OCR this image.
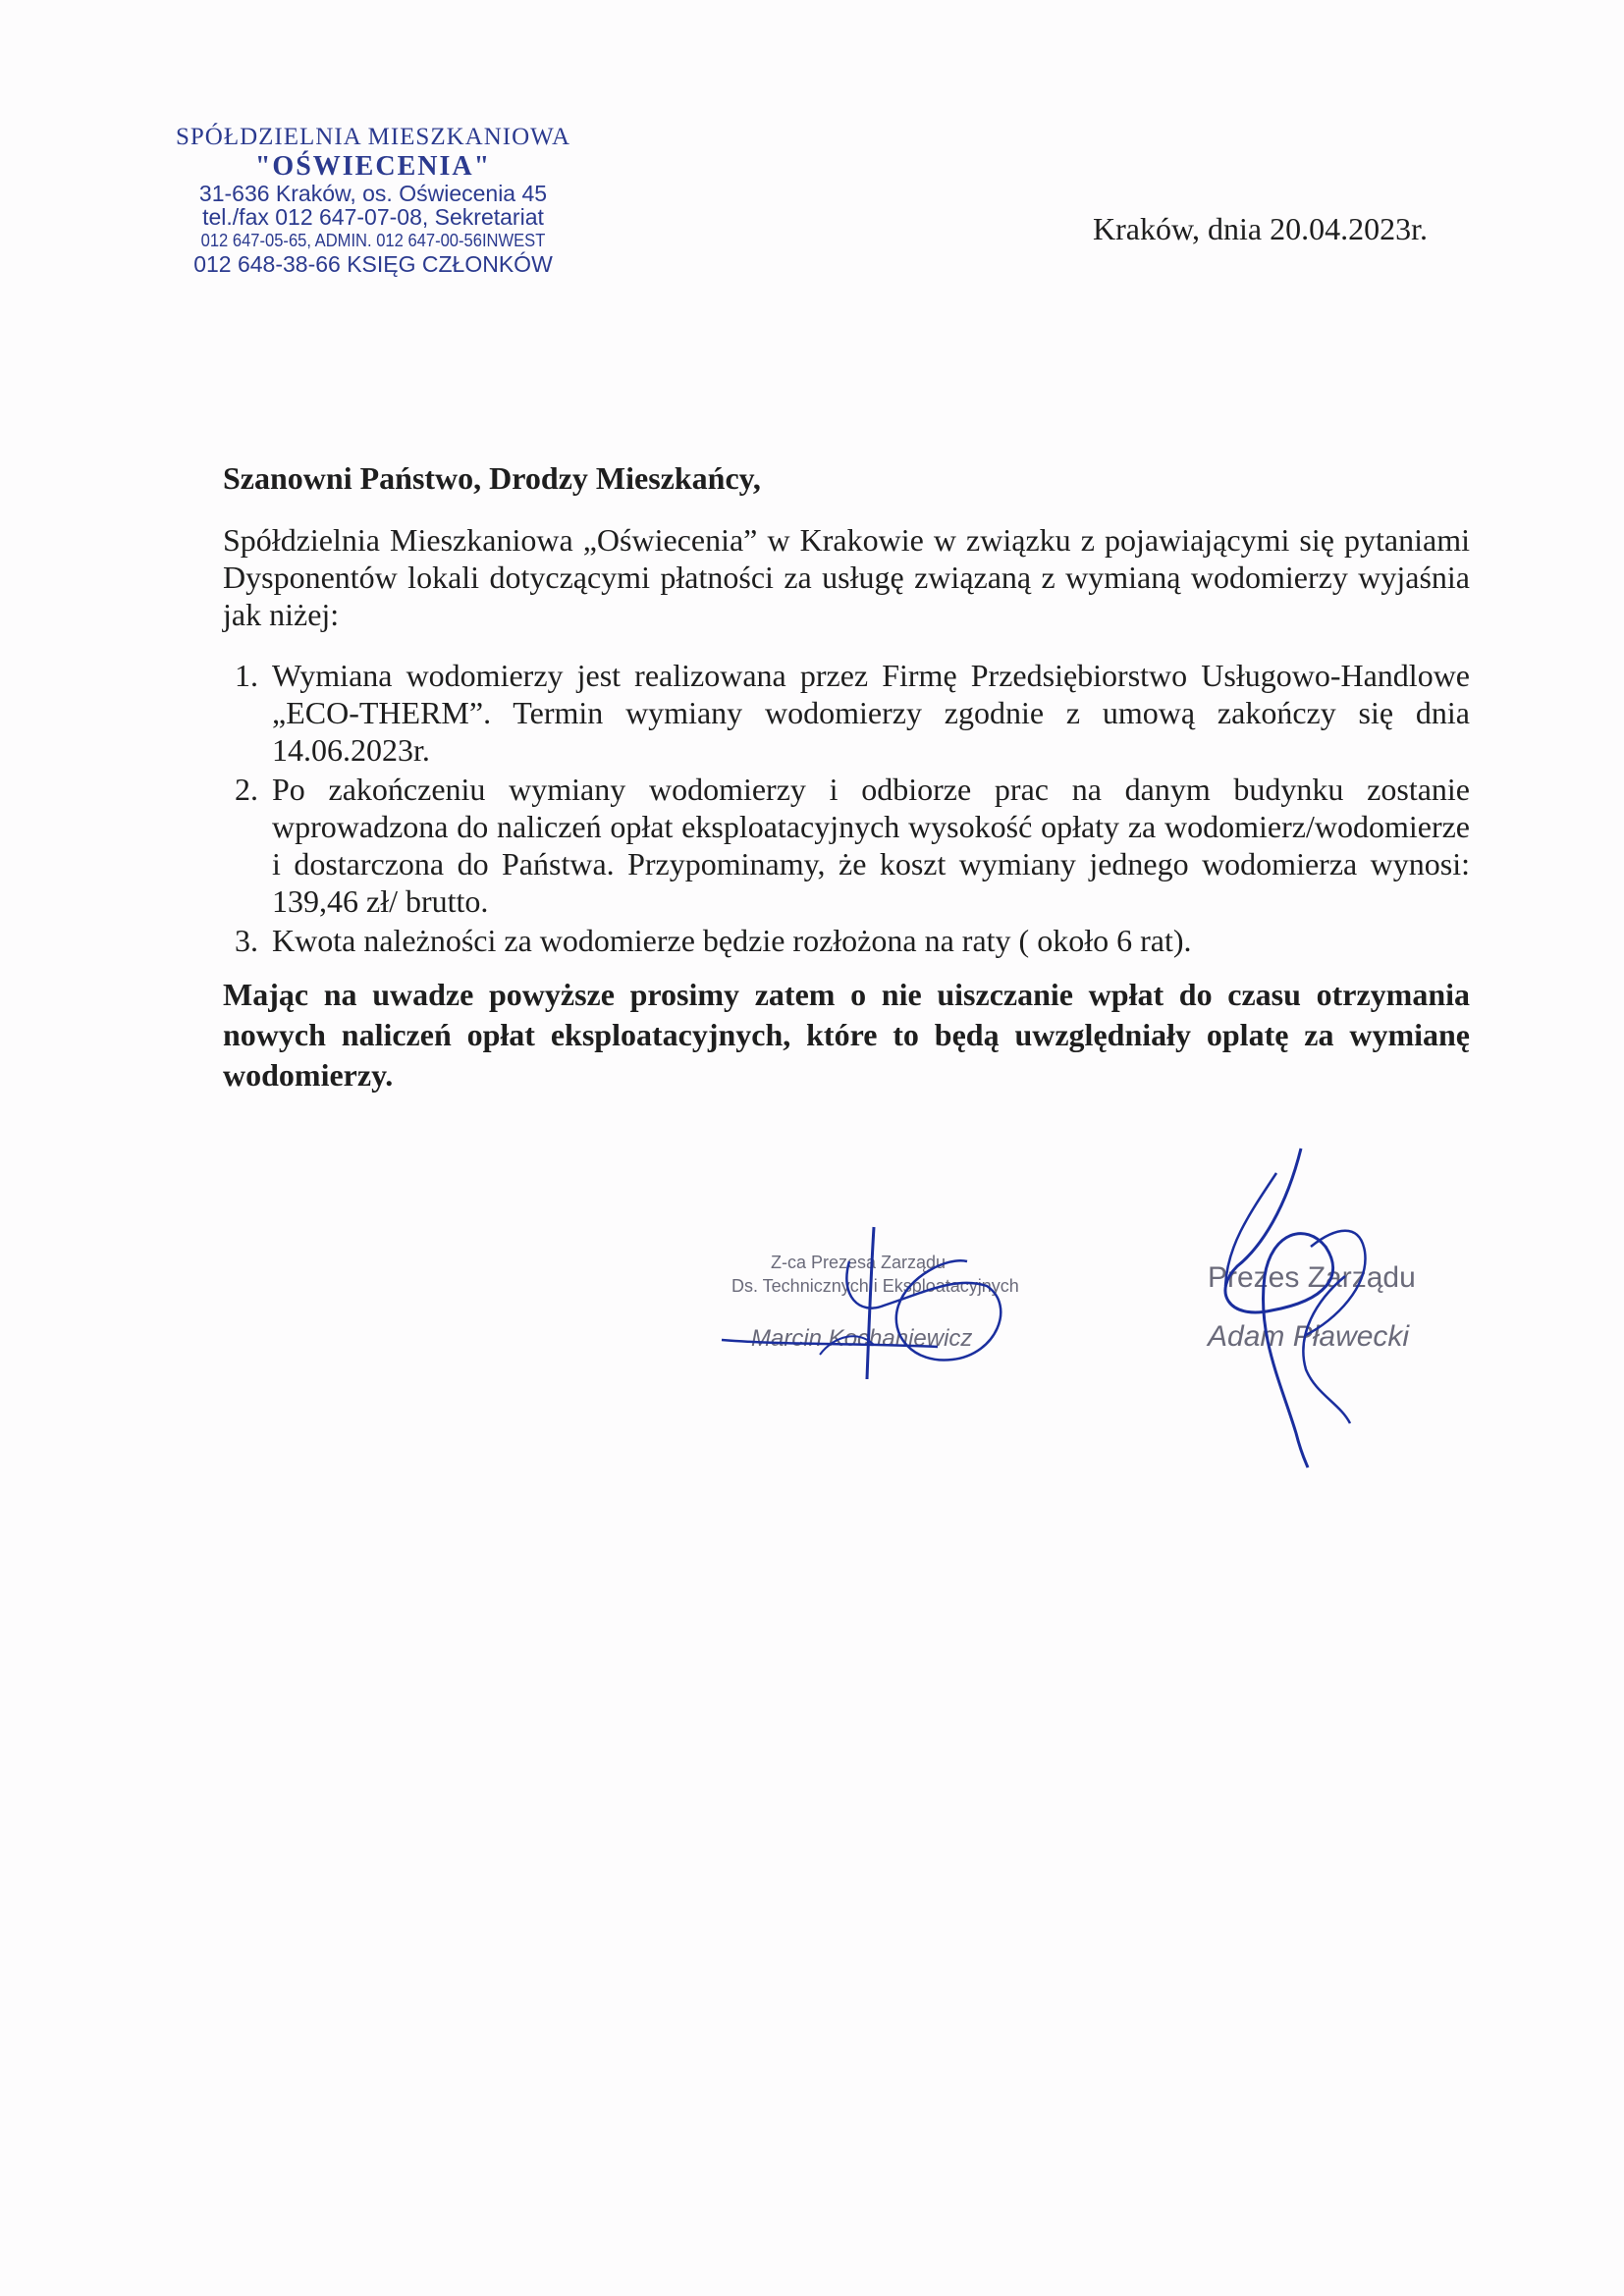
SPÓŁDZIELNIA MIESZKANIOWA
"OŚWIECENIA"
31-636 Kraków, os. Oświecenia 45
tel./fax 012 647-07-08, Sekretariat
012 647-05-65, ADMIN. 012 647-00-56INWEST
012 648-38-66 KSIĘG CZŁONKÓW
Kraków, dnia 20.04.2023r.

Szanowni Państwo, Drodzy Mieszkańcy,

Spółdzielnia Mieszkaniowa „Oświecenia” w Krakowie w związku z pojawiającymi się pytaniami Dysponentów lokali dotyczącymi płatności za usługę związaną z wymianą wodomierzy wyjaśnia jak niżej:

1. Wymiana wodomierzy jest realizowana przez Firmę Przedsiębiorstwo Usługowo-Handlowe „ECO-THERM”. Termin wymiany wodomierzy zgodnie z umową zakończy się dnia 14.06.2023r.
2. Po zakończeniu wymiany wodomierzy i odbiorze prac na danym budynku zostanie wprowadzona do naliczeń opłat eksploatacyjnych wysokość opłaty za wodomierz/wodomierze i dostarczona do Państwa. Przypominamy, że koszt wymiany jednego wodomierza wynosi: 139,46 zł/ brutto.
3. Kwota należności za wodomierze będzie rozłożona na raty ( około 6 rat).

Mając na uwadze powyższe prosimy zatem o nie uiszczanie wpłat do czasu otrzymania nowych naliczeń opłat eksploatacyjnych, które to będą uwzględniały oplatę za wymianę wodomierzy.

Z-ca Prezesa Zarządu
Ds. Technicznych i Eksploatacyjnych
Marcin Kochaniewicz
Prezes Zarządu
Adam Pławecki
